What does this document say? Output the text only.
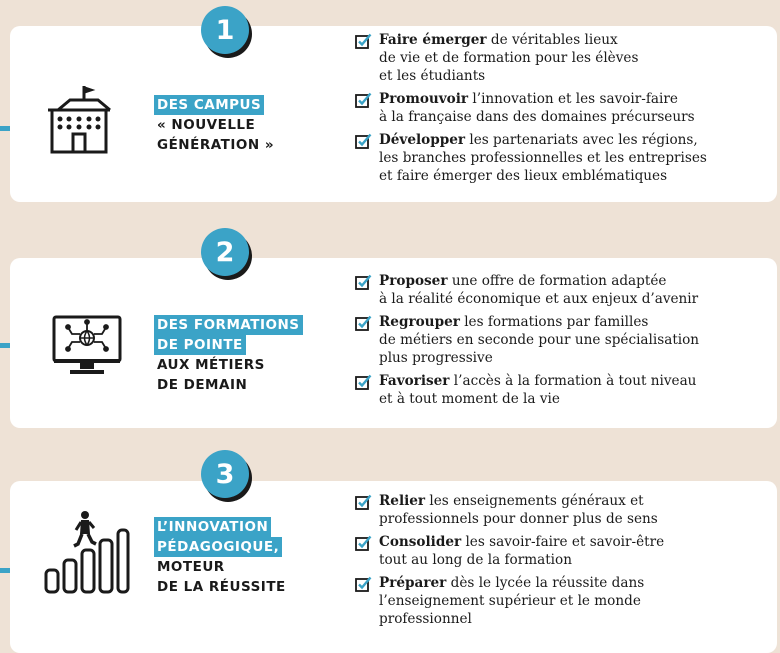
1
DES CAMPUS
« NOUVELLE
GÉNÉRATION »
Faire émerger de véritables lieux
de vie et de formation pour les élèves
et les étudiants
Promouvoir l’innovation et les savoir-faire
à la française dans des domaines précurseurs
Développer les partenariats avec les régions,
les branches professionnelles et les entreprises
et faire émerger des lieux emblématiques
2
DES FORMATIONS
DE POINTE
AUX MÉTIERS
DE DEMAIN
Proposer une offre de formation adaptée
à la réalité économique et aux enjeux d’avenir
Regrouper les formations par familles
de métiers en seconde pour une spécialisation
plus progressive
Favoriser l’accès à la formation à tout niveau
et à tout moment de la vie
3
L’INNOVATION
PÉDAGOGIQUE,
MOTEUR
DE LA RÉUSSITE
Relier les enseignements généraux et
professionnels pour donner plus de sens
Consolider les savoir-faire et savoir-être
tout au long de la formation
Préparer dès le lycée la réussite dans
l’enseignement supérieur et le monde
professionnel
